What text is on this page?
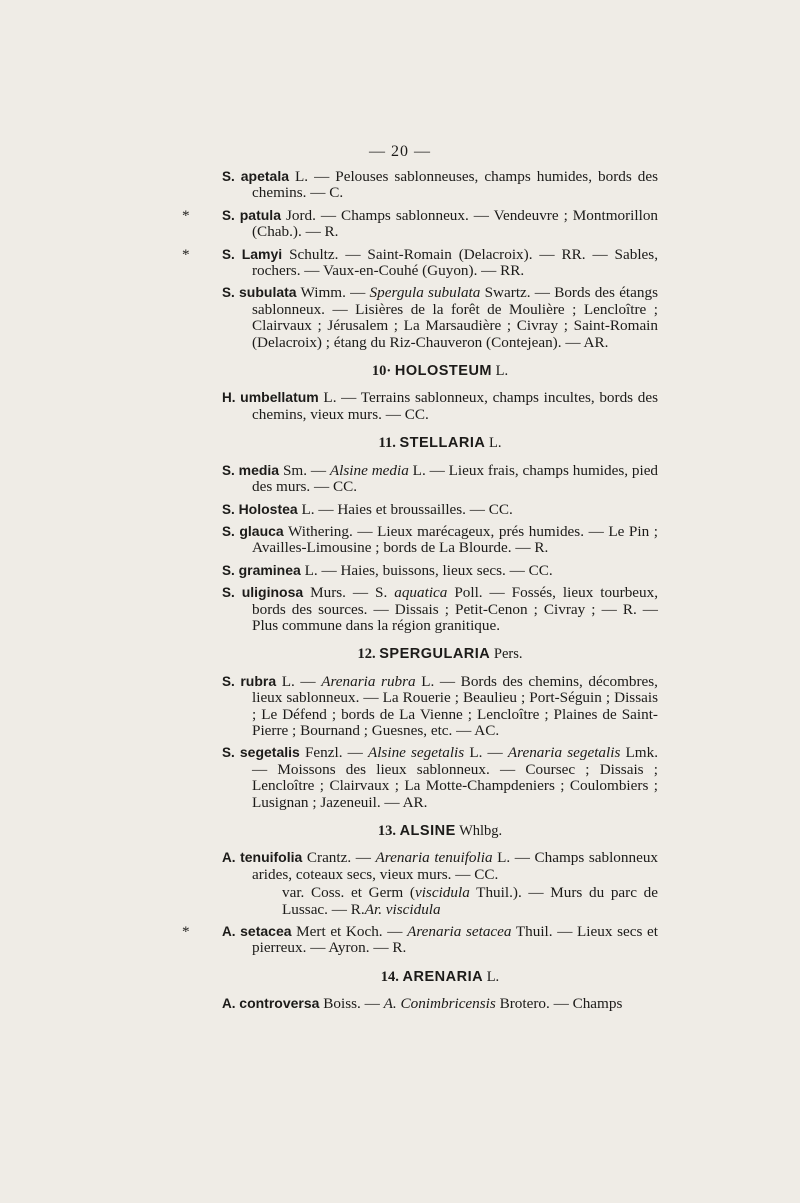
— 20 —
S. apetala L. — Pelouses sablonneuses, champs humides, bords des chemins. — C.
* S. patula Jord. — Champs sablonneux. — Vendeuvre ; Montmorillon (Chab.). — R.
* S. Lamyi Schultz. — Saint-Romain (Delacroix). — RR. — Sables, rochers. — Vaux-en-Couhé (Guyon). — RR.
S. subulata Wimm. — Spergula subulata Swartz. — Bords des étangs sablonneux. — Lisières de la forêt de Moulière ; Lencloître ; Clairvaux ; Jérusalem ; La Marsaudière ; Civray ; Saint-Romain (Delacroix) ; étang du Riz-Chauveron (Contejean). — AR.
10· HOLOSTEUM L.
H. umbellatum L. — Terrains sablonneux, champs incultes, bords des chemins, vieux murs. — CC.
11. STELLARIA L.
S. media Sm. — Alsine media L. — Lieux frais, champs humides, pied des murs. — CC.
S. Holostea L. — Haies et broussailles. — CC.
S. glauca Withering. — Lieux marécageux, prés humides. — Le Pin ; Availles-Limousine ; bords de La Blourde. — R.
S. graminea L. — Haies, buissons, lieux secs. — CC.
S. uliginosa Murs. — S. aquatica Poll. — Fossés, lieux tourbeux, bords des sources. — Dissais ; Petit-Cenon ; Civray ; — R. — Plus commune dans la région granitique.
12. SPERGULARIA Pers.
S. rubra L. — Arenaria rubra L. — Bords des chemins, décombres, lieux sablonneux. — La Rouerie ; Beaulieu ; Port-Séguin ; Dissais ; Le Défend ; bords de La Vienne ; Lencloître ; Plaines de Saint-Pierre ; Bournand ; Guesnes, etc. — AC.
S. segetalis Fenzl. — Alsine segetalis L. — Arenaria segetalis Lmk. — Moissons des lieux sablonneux. — Coursec ; Dissais ; Lencloître ; Clairvaux ; La Motte-Champdeniers ; Coulombiers ; Lusignan ; Jazeneuil. — AR.
13. ALSINE Whlbg.
A. tenuifolia Crantz. — Arenaria tenuifolia L. — Champs sablonneux arides, coteaux secs, vieux murs. — CC.
var. Coss. et Germ (viscidula Thuil.). — Murs du parc de Lussac. — R.Ar. viscidula
* A. setacea Mert et Koch. — Arenaria setacea Thuil. — Lieux secs et pierreux. — Ayron. — R.
14. ARENARIA L.
A. controversa Boiss. — A. Conimbricensis Brotero. — Champs
